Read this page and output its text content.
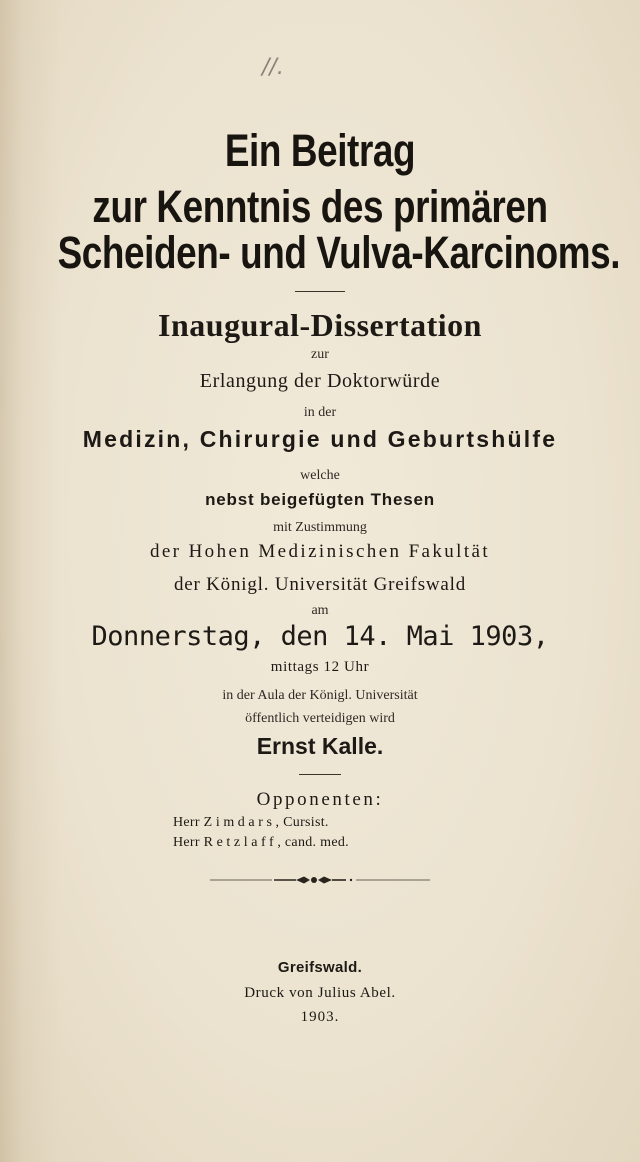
//.
Ein Beitrag
zur Kenntnis des primären
Scheiden- und Vulva-Karcinoms.
Inaugural-Dissertation
zur
Erlangung der Doktorwürde
in der
Medizin, Chirurgie und Geburtshülfe
welche
nebst beigefügten Thesen
mit Zustimmung
der Hohen Medizinischen Fakultät
der Königl. Universität Greifswald
am
Donnerstag, den 14. Mai 1903,
mittags 12 Uhr
in der Aula der Königl. Universität
öffentlich verteidigen wird
Ernst Kalle.
Opponenten:
Herr Zimdars, Cursist.
Herr Retzlaff, cand. med.
Greifswald.
Druck von Julius Abel.
1903.
